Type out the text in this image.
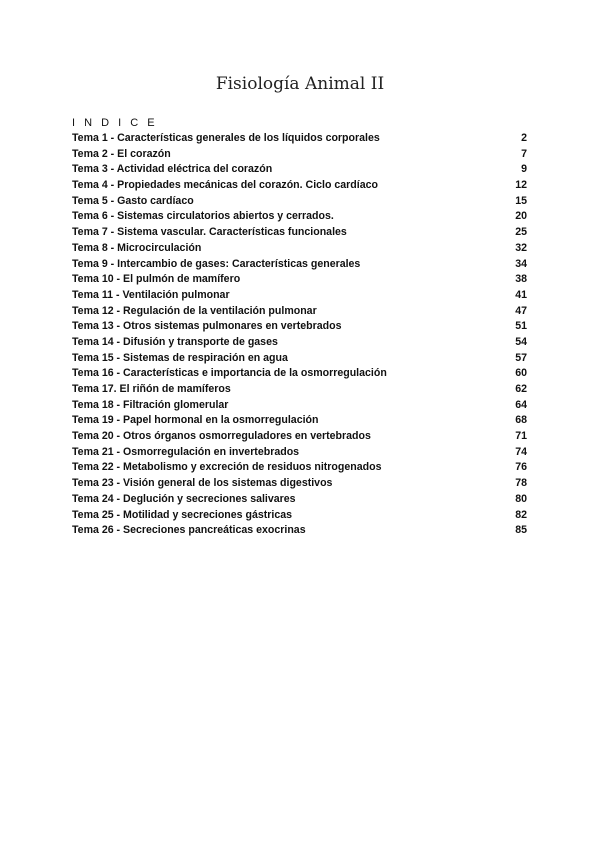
Fisiología Animal II
I N D I C E
Tema 1 - Características generales de los líquidos corporales	2
Tema 2 - El corazón	7
Tema 3 - Actividad eléctrica del corazón	9
Tema 4 - Propiedades mecánicas del corazón. Ciclo cardíaco	12
Tema 5 - Gasto cardíaco	15
Tema 6 - Sistemas circulatorios abiertos y cerrados.	20
Tema 7 - Sistema vascular. Características funcionales	25
Tema 8 - Microcirculación	32
Tema 9 - Intercambio de gases: Características generales	34
Tema 10 - El pulmón de mamífero	38
Tema 11 - Ventilación pulmonar	41
Tema 12 - Regulación de la ventilación pulmonar	47
Tema 13 - Otros sistemas pulmonares en vertebrados	51
Tema 14 - Difusión y transporte de gases	54
Tema 15 - Sistemas de respiración en agua	57
Tema 16 - Características e importancia de la osmorregulación	60
Tema 17. El riñón de mamíferos	62
Tema 18 - Filtración glomerular	64
Tema 19 - Papel hormonal en la osmorregulación	68
Tema 20 - Otros órganos osmorreguladores en vertebrados	71
Tema 21 - Osmorregulación en invertebrados	74
Tema 22 - Metabolismo y excreción de residuos nitrogenados	76
Tema 23 - Visión general de los sistemas digestivos	78
Tema 24 - Deglución y secreciones salivares	80
Tema 25 - Motilidad y secreciones gástricas	82
Tema 26 - Secreciones pancreáticas exocrinas	85
